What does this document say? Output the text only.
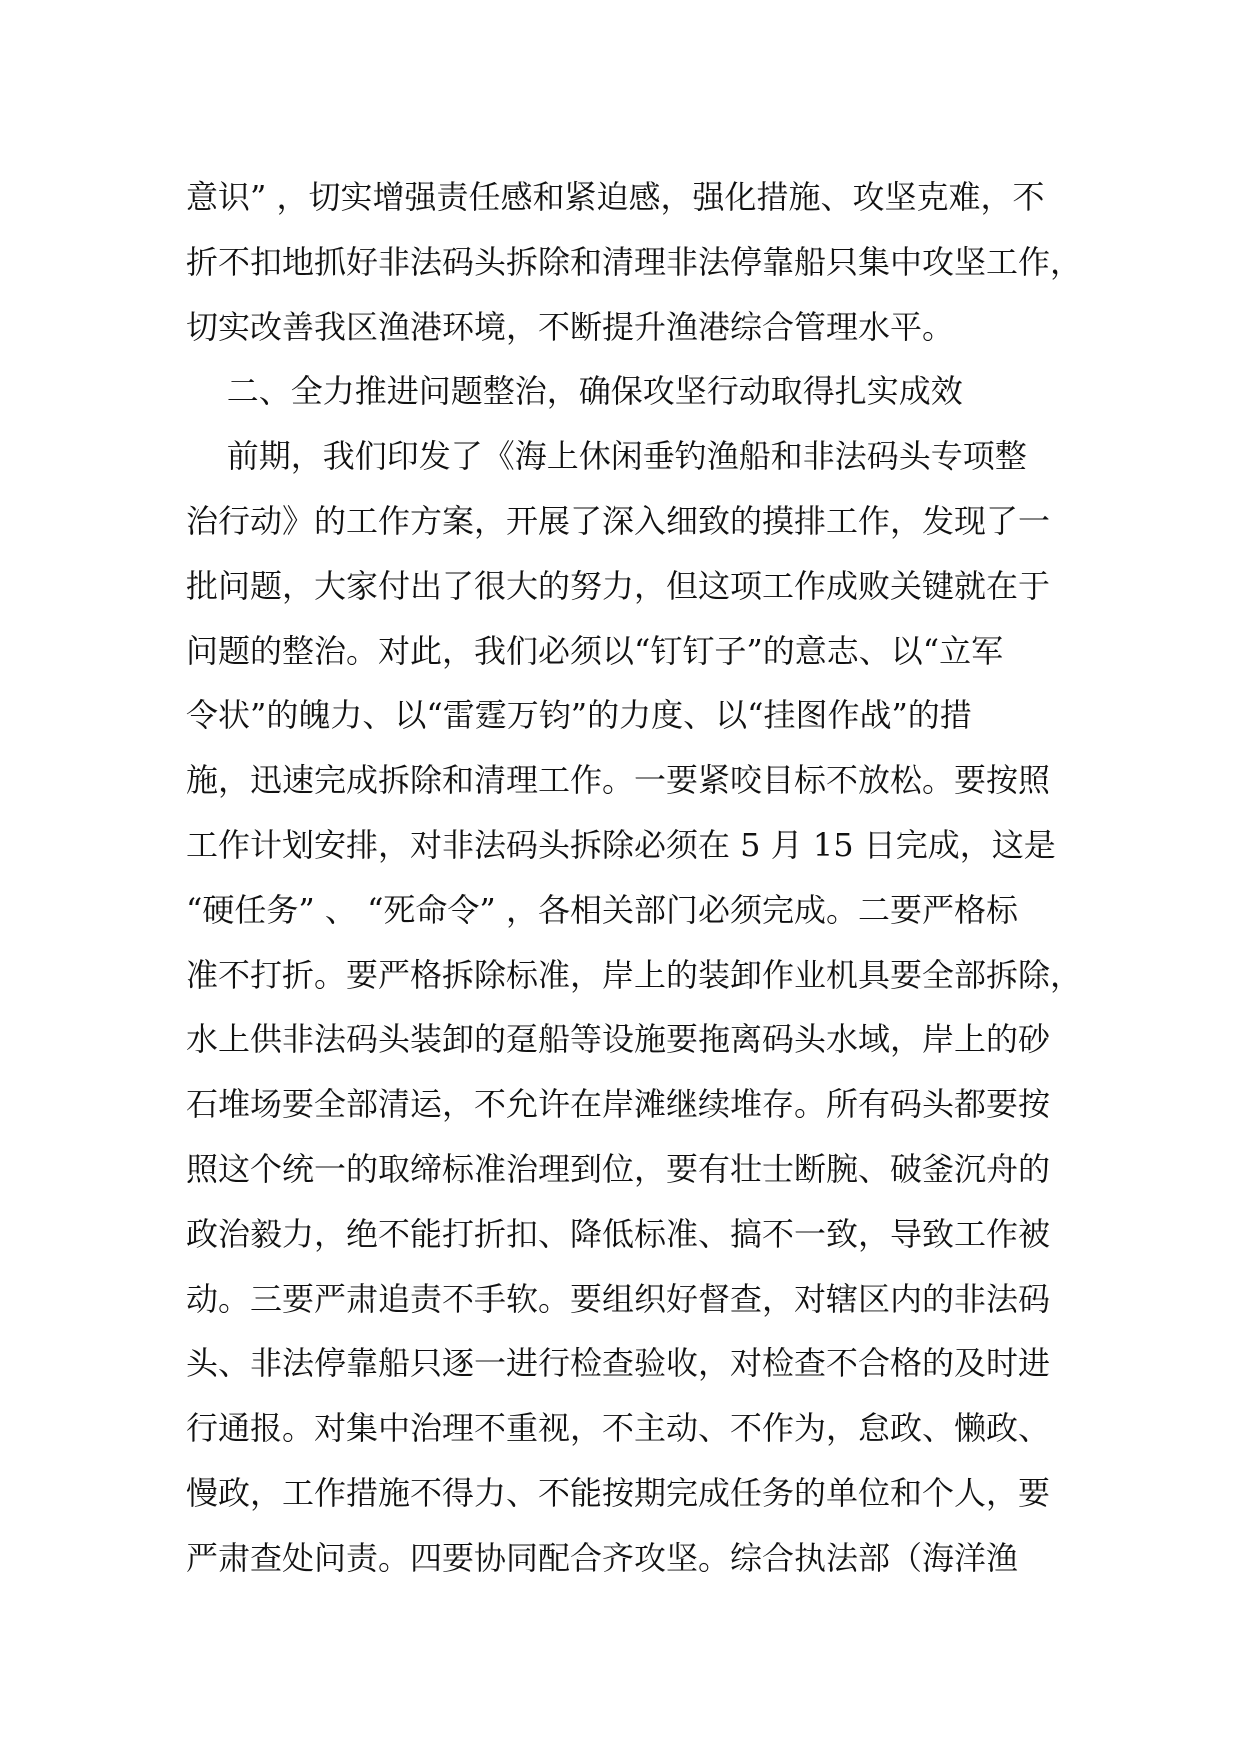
意识” ，切实增强责任感和紧迫感，强化措施、攻坚克难，不
折不扣地抓好非法码头拆除和清理非法停靠船只集中攻坚工作，
切实改善我区渔港环境，不断提升渔港综合管理水平。
二、全力推进问题整治，确保攻坚行动取得扎实成效
前期，我们印发了《海上休闲垂钓渔船和非法码头专项整
治行动》的工作方案，开展了深入细致的摸排工作，发现了一
批问题，大家付出了很大的努力，但这项工作成败关键就在于
问题的整治。对此，我们必须以“钉钉子”的意志、以“立军
令状”的魄力、以“雷霆万钧”的力度、以“挂图作战”的措
施，迅速完成拆除和清理工作。一要紧咬目标不放松。要按照
工作计划安排，对非法码头拆除必须在 5 月 15 日完成，这是
“硬任务” 、 “死命令” ，各相关部门必须完成。二要严格标
准不打折。要严格拆除标准，岸上的装卸作业机具要全部拆除，
水上供非法码头装卸的趸船等设施要拖离码头水域，岸上的砂
石堆场要全部清运，不允许在岸滩继续堆存。所有码头都要按
照这个统一的取缔标准治理到位，要有壮士断腕、破釜沉舟的
政治毅力，绝不能打折扣、降低标准、搞不一致，导致工作被
动。三要严肃追责不手软。要组织好督查，对辖区内的非法码
头、非法停靠船只逐一进行检查验收，对检查不合格的及时进
行通报。对集中治理不重视，不主动、不作为，怠政、懒政、
慢政，工作措施不得力、不能按期完成任务的单位和个人，要
严肃查处问责。四要协同配合齐攻坚。综合执法部（海洋渔
